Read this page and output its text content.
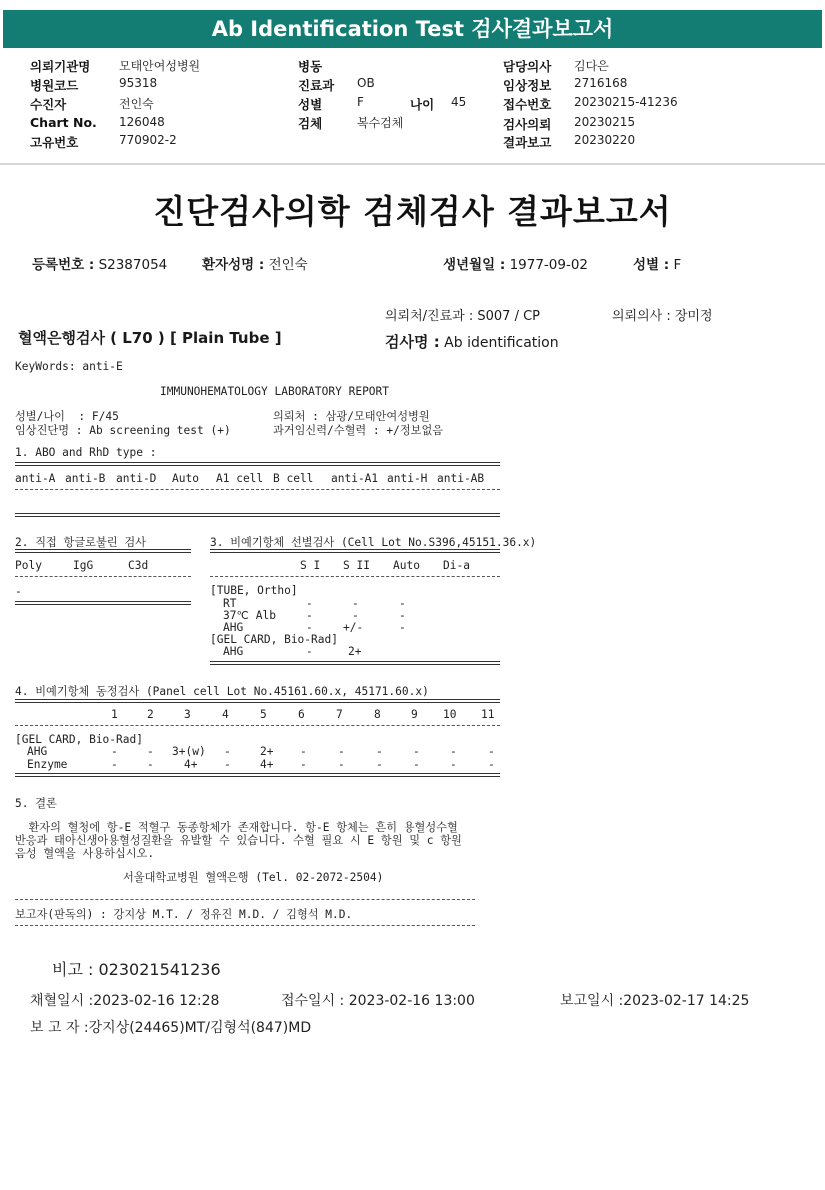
Ab Identification Test 검사결과보고서
의뢰기관명 모태안여성병원
병원코드	95318
수진자	전인숙
Chart No. 126048
고유번호	770902-2
병동
진료과 OB
성별	F	나이 45
검체	복수검체
담당의사 김다은
임상정보 2716168
접수번호 20230215-41236
검사의뢰 20230215
결과보고 20230220
진단검사의학 검체검사 결과보고서
등록번호 : S2387054	환자성명 : 전인숙	생년월일 : 1977-09-02	성별 : F
의뢰처/진료과 : S007 / CP	의뢰의사 : 장미정
혈액은행검사 ( L70 ) [ Plain Tube ]	검사명 : Ab identification
KeyWords: anti-E
IMMUNOHEMATOLOGY LABORATORY REPORT
성별/나이  : F/45	의뢰처 : 삼광/모태안여성병원
임상진단명 : Ab screening test (+)	과거임신력/수혈력 : +/정보없음
1. ABO and RhD type :
anti-A anti-B anti-D Auto A1 cell B cell anti-A1 anti-H anti-AB
2. 직접 항글로불린 검사
Poly	IgG	C3d
-
3. 비예기항체 선별검사 (Cell Lot No.S396,45151.36.x)
S I S II Auto Di-a
[TUBE, Ortho]
RT	-	-	-
37℃ Alb	-	-	-
AHG	-	+/-	-
[GEL CARD, Bio-Rad]
AHG	-	2+
4. 비예기항체 동정검사 (Panel cell Lot No.45161.60.x, 45171.60.x)
1	2	3	4	5	6	7	8	9 10 11
[GEL CARD, Bio-Rad]
AHG	-	- 3+(w) -	2+ -	-	-	-	-	-
Enzyme	-	-	4+ -	4+ -	-	-	-	-	-
5. 결론
환자의 혈청에 항-E 적혈구 동종항체가 존재합니다. 항-E 항체는 흔히 용혈성수혈
반응과 태아신생아용혈성질환을 유발할 수 있습니다. 수혈 필요 시 E 항원 및 c 항원
음성 혈액을 사용하십시오.
서울대학교병원 혈액은행 (Tel. 02-2072-2504)
보고자(판독의) : 강지상 M.T. / 정유진 M.D. / 김형석 M.D.
비고 : 023021541236
채혈일시 :2023-02-16 12:28	접수일시 : 2023-02-16 13:00	보고일시 :2023-02-17 14:25
보 고 자 :강지상(24465)MT/김형석(847)MD
